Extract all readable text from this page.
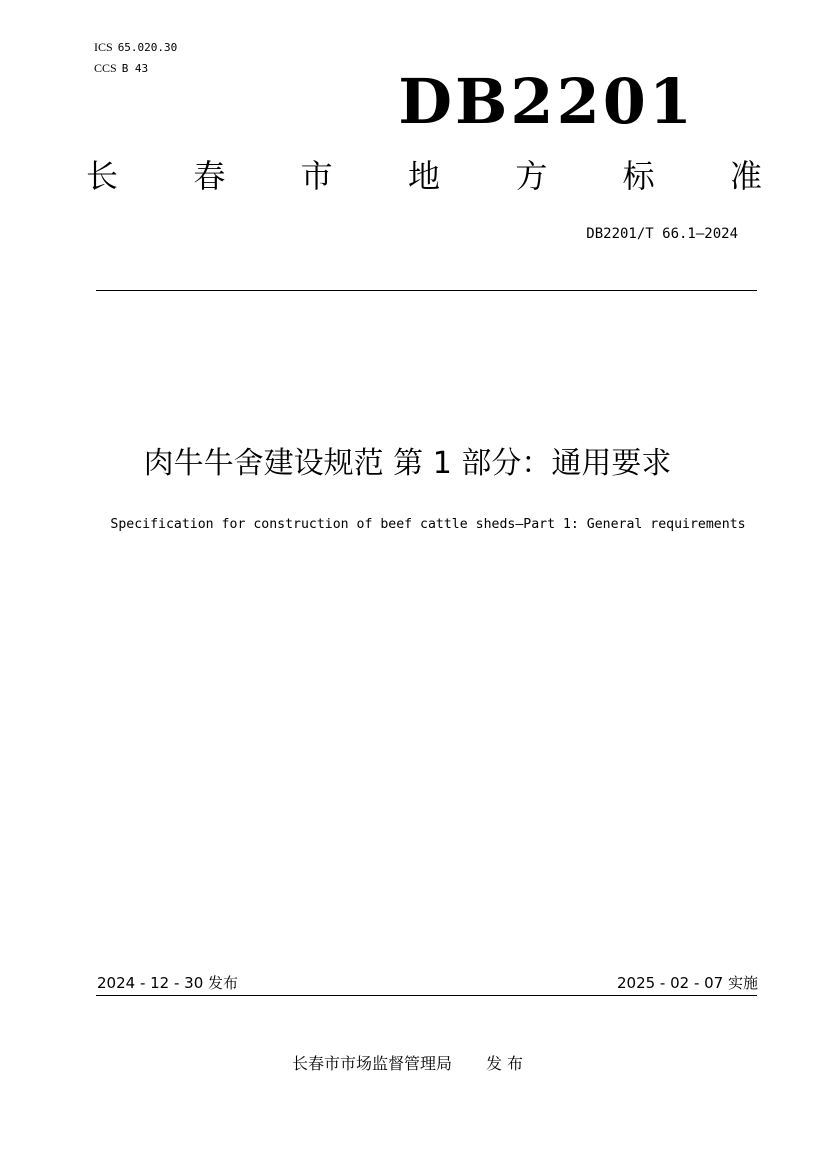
ICS 65.020.30
CCS B 43	DB2201
长 春 市 地 方 标 准
DB2201/T 66.1—2024
肉牛牛舍建设规范 第 1 部分：通用要求
Specification for construction of beef cattle sheds—Part 1: General requirements
2024 - 12 - 30 发布	2025 - 02 - 07 实施
长春市市场监督管理局 发 布
